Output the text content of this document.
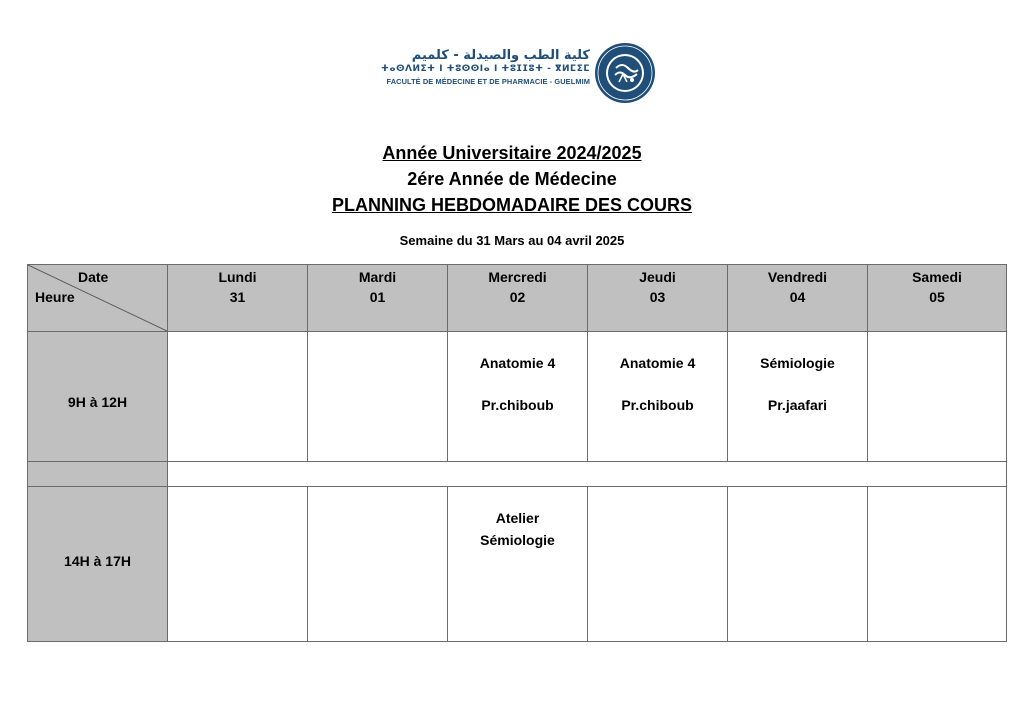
كلية الطب والصيدلة - كلميم
ⵜⴰⵙⴷⵍⵉⵜ ⵏ ⵜⵓⵙⵙⵏⴰ ⵏ ⵜⵓⵊⵊⵓⵜ - ⴳⵍⵎⵉⵎ
FACULTÉ DE MÉDECINE ET DE PHARMACIE - GUELMIM
Année Universitaire 2024/2025
2ére Année de Médecine
PLANNING HEBDOMADAIRE DES COURS
Semaine du 31 Mars au 04 avril 2025
Date
Heure
Lundi
31
Mardi
01
Mercredi
02
Jeudi
03
Vendredi
04
Samedi
05
9H à 12H
Anatomie 4
Pr.chiboub
Anatomie 4
Pr.chiboub
Sémiologie
Pr.jaafari
14H à 17H
Atelier
Sémiologie
